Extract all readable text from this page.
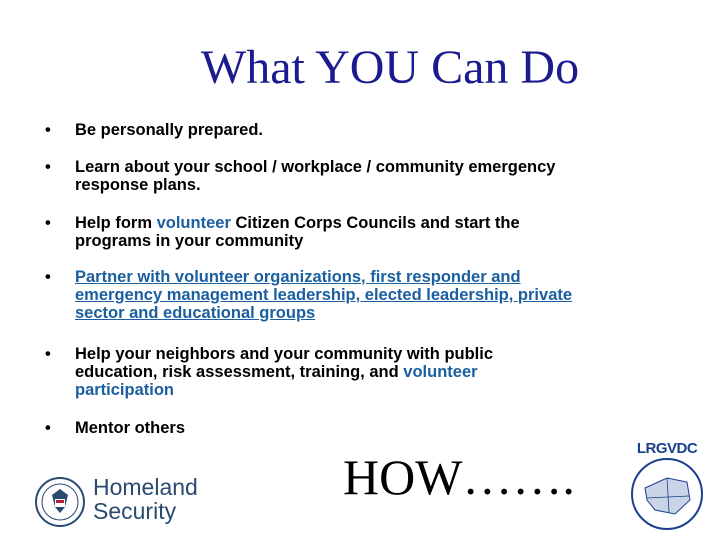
What YOU Can Do
•	Be personally prepared.
•	Learn about your school / workplace / community emergency
response plans.
•	Help form volunteer Citizen Corps Councils and start the
programs in your community
•	Partner with volunteer organizations, first responder and
emergency management leadership, elected leadership, private
sector and educational groups
•	Help your neighbors and your community with public
education, risk assessment, training, and volunteer
participation
•	Mentor others
HOW…….
Homeland
Security
LRGVDC
